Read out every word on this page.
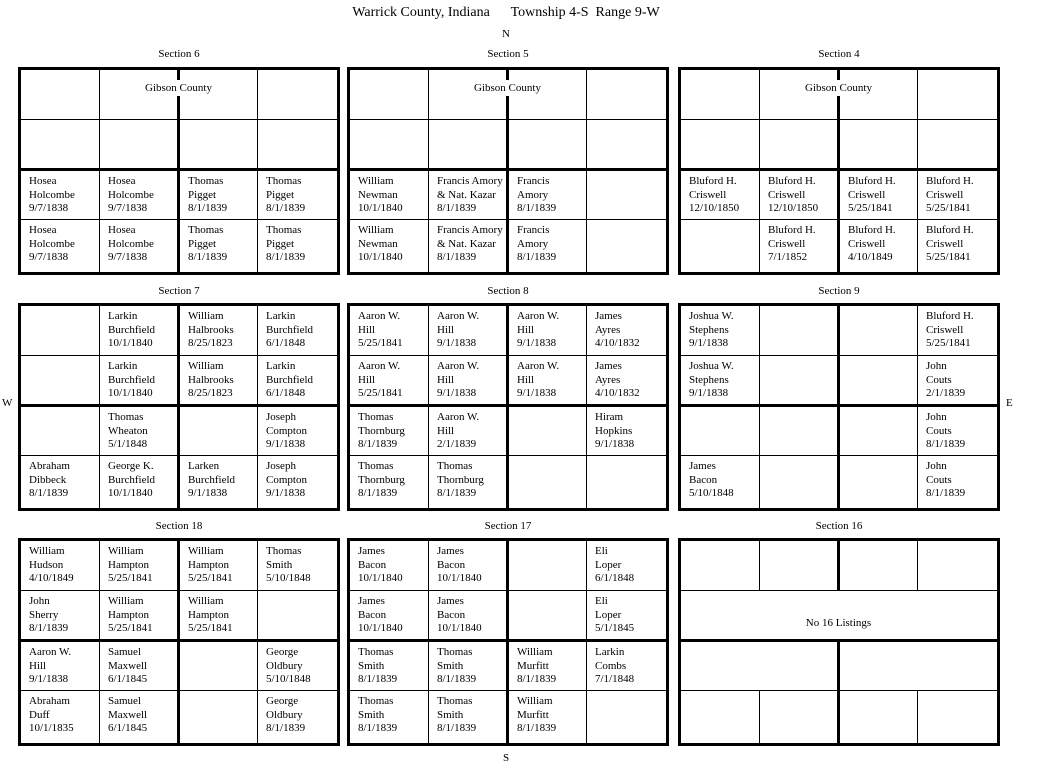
Warrick County, Indiana      Township 4-S  Range 9-W
N
S
E
W
Section 6
Hosea
Holcombe
9/7/1838
Hosea
Holcombe
9/7/1838
Thomas
Pigget
8/1/1839
Thomas
Pigget
8/1/1839
Hosea
Holcombe
9/7/1838
Hosea
Holcombe
9/7/1838
Thomas
Pigget
8/1/1839
Thomas
Pigget
8/1/1839
Gibson County
Section 5
William
Newman
10/1/1840
Francis Amory
& Nat. Kazar
8/1/1839
Francis
Amory
8/1/1839
William
Newman
10/1/1840
Francis Amory
& Nat. Kazar
8/1/1839
Francis
Amory
8/1/1839
Gibson County
Section 4
Bluford H.
Criswell
12/10/1850
Bluford H.
Criswell
12/10/1850
Bluford H.
Criswell
5/25/1841
Bluford H.
Criswell
5/25/1841
Bluford H.
Criswell
7/1/1852
Bluford H.
Criswell
4/10/1849
Bluford H.
Criswell
5/25/1841
Gibson County
Section 7
Larkin
Burchfield
10/1/1840
William
Halbrooks
8/25/1823
Larkin
Burchfield
6/1/1848
Larkin
Burchfield
10/1/1840
William
Halbrooks
8/25/1823
Larkin
Burchfield
6/1/1848
Thomas
Wheaton
5/1/1848
Joseph
Compton
9/1/1838
Abraham
Dibbeck
8/1/1839
George K.
Burchfield
10/1/1840
Larken
Burchfield
9/1/1838
Joseph
Compton
9/1/1838
Section 8
Aaron W.
Hill
5/25/1841
Aaron W.
Hill
9/1/1838
Aaron W.
Hill
9/1/1838
James
Ayres
4/10/1832
Aaron W.
Hill
5/25/1841
Aaron W.
Hill
9/1/1838
Aaron W.
Hill
9/1/1838
James
Ayres
4/10/1832
Thomas
Thornburg
8/1/1839
Aaron W.
Hill
2/1/1839
Hiram
Hopkins
9/1/1838
Thomas
Thornburg
8/1/1839
Thomas
Thornburg
8/1/1839
Section 9
Joshua W.
Stephens
9/1/1838
Bluford H.
Criswell
5/25/1841
Joshua W.
Stephens
9/1/1838
John
Couts
2/1/1839
John
Couts
8/1/1839
James
Bacon
5/10/1848
John
Couts
8/1/1839
Section 18
William
Hudson
4/10/1849
William
Hampton
5/25/1841
William
Hampton
5/25/1841
Thomas
Smith
5/10/1848
John
Sherry
8/1/1839
William
Hampton
5/25/1841
William
Hampton
5/25/1841
Aaron W.
Hill
9/1/1838
Samuel
Maxwell
6/1/1845
George
Oldbury
5/10/1848
Abraham
Duff
10/1/1835
Samuel
Maxwell
6/1/1845
George
Oldbury
8/1/1839
Section 17
James
Bacon
10/1/1840
James
Bacon
10/1/1840
Eli
Loper
6/1/1848
James
Bacon
10/1/1840
James
Bacon
10/1/1840
Eli
Loper
5/1/1845
Thomas
Smith
8/1/1839
Thomas
Smith
8/1/1839
William
Murfitt
8/1/1839
Larkin
Combs
7/1/1848
Thomas
Smith
8/1/1839
Thomas
Smith
8/1/1839
William
Murfitt
8/1/1839
Section 16
No 16 Listings
